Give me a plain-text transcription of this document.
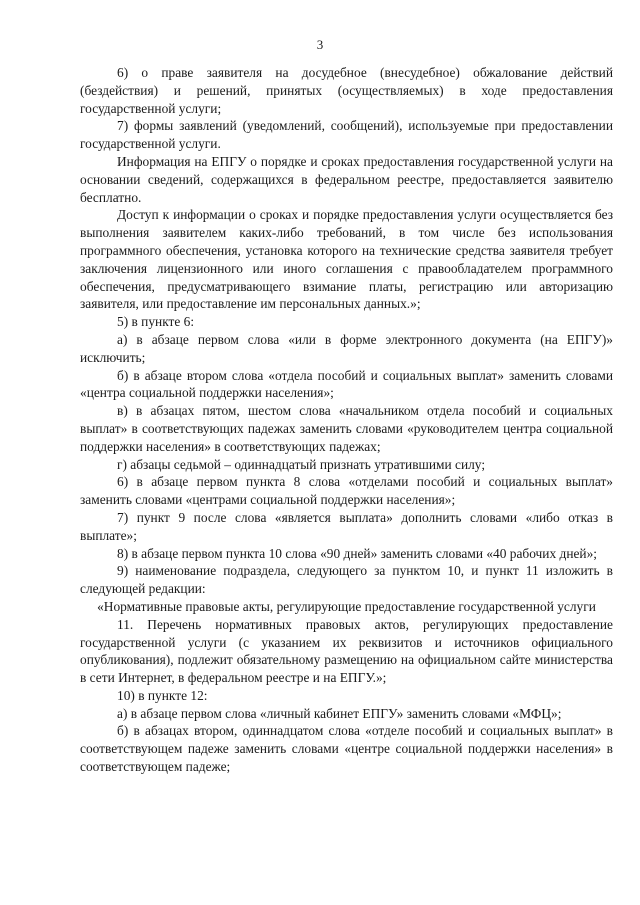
3

6) о праве заявителя на досудебное (внесудебное) обжалование действий (бездействия) и решений, принятых (осуществляемых) в ходе предоставления государственной услуги;

7) формы заявлений (уведомлений, сообщений), используемые при предоставлении государственной услуги.

Информация на ЕПГУ о порядке и сроках предоставления государственной услуги на основании сведений, содержащихся в федеральном реестре, предоставляется заявителю бесплатно.

Доступ к информации о сроках и порядке предоставления услуги осуществляется без выполнения заявителем каких-либо требований, в том числе без использования программного обеспечения, установка которого на технические средства заявителя требует заключения лицензионного или иного соглашения с правообладателем программного обеспечения, предусматривающего взимание платы, регистрацию или авторизацию заявителя, или предоставление им персональных данных.»;

5) в пункте 6:

а) в абзаце первом слова «или в форме электронного документа (на ЕПГУ)» исключить;

б) в абзаце втором слова «отдела пособий и социальных выплат» заменить словами «центра социальной поддержки населения»;

в) в абзацах пятом, шестом слова «начальником отдела пособий и социальных выплат» в соответствующих падежах заменить словами «руководителем центра социальной поддержки населения» в соответствующих падежах;

г) абзацы седьмой – одиннадцатый признать утратившими силу;

6) в абзаце первом пункта 8 слова «отделами пособий и социальных выплат» заменить словами «центрами социальной поддержки населения»;

7) пункт 9 после слова «является выплата» дополнить словами «либо отказ в выплате»;

8) в абзаце первом пункта 10 слова «90 дней» заменить словами «40 рабочих дней»;

9) наименование подраздела, следующего за пунктом 10, и пункт 11 изложить в следующей редакции:

«Нормативные правовые акты, регулирующие предоставление государственной услуги

11. Перечень нормативных правовых актов, регулирующих предоставление государственной услуги (с указанием их реквизитов и источников официального опубликования), подлежит обязательному размещению на официальном сайте министерства в сети Интернет, в федеральном реестре и на ЕПГУ.»;

10) в пункте 12:

а) в абзаце первом слова «личный кабинет ЕПГУ» заменить словами «МФЦ»;

б) в абзацах втором, одиннадцатом слова «отделе пособий и социальных выплат» в соответствующем падеже заменить словами «центре социальной поддержки населения» в соответствующем падеже;
